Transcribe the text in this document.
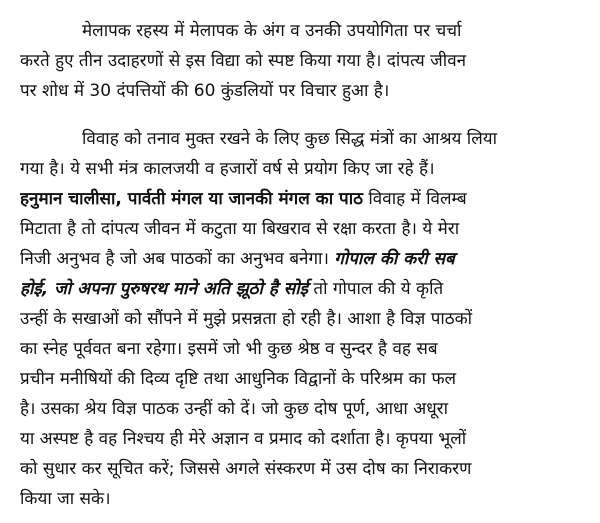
मेलापक रहस्य में मेलापक के अंग व उनकी उपयोगिता पर चर्चा
करते हुए तीन उदाहरणों से इस विद्या को स्पष्ट किया गया है। दांपत्य जीवन
पर शोध में 30 दंपत्तियों की 60 कुंडलियों पर विचार हुआ है।
विवाह को तनाव मुक्त रखने के लिए कुछ सिद्ध मंत्रों का आश्रय लिया
गया है। ये सभी मंत्र कालजयी व हजारों वर्ष से प्रयोग किए जा रहे हैं।
हनुमान चालीसा, पार्वती मंगल या जानकी मंगल का पाठ विवाह में विलम्ब
मिटाता है तो दांपत्य जीवन में कटुता या बिखराव से रक्षा करता है। ये मेरा
निजी अनुभव है जो अब पाठकों का अनुभव बनेगा। गोपाल की करी सब
होई, जो अपना पुरुषरथ माने अति झूठो है सोई तो गोपाल की ये कृति
उन्हीं के सखाओं को सौंपने में मुझे प्रसन्नता हो रही है। आशा है विज्ञ पाठकों
का स्नेह पूर्ववत बना रहेगा। इसमें जो भी कुछ श्रेष्ठ व सुन्दर है वह सब
प्रचीन मनीषियों की दिव्य दृष्टि तथा आधुनिक विद्वानों के परिश्रम का फल
है। उसका श्रेय विज्ञ पाठक उन्हीं को दें। जो कुछ दोष पूर्ण, आधा अधूरा
या अस्पष्ट है वह निश्चय ही मेरे अज्ञान व प्रमाद को दर्शाता है। कृपया भूलों
को सुधार कर सूचित करें; जिससे अगले संस्करण में उस दोष का निराकरण
किया जा सके।
